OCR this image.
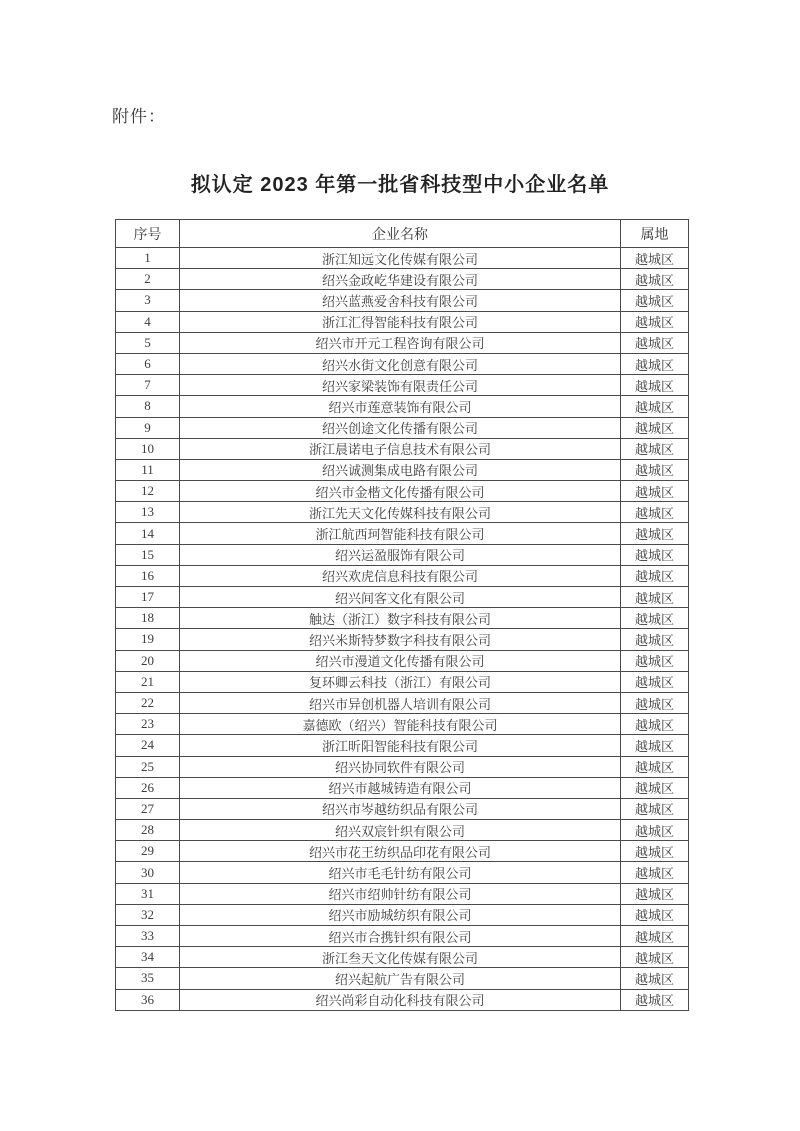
附件：
拟认定 2023 年第一批省科技型中小企业名单
序号	企业名称	属地
1	浙江知远文化传媒有限公司	越城区
2	绍兴金政屹华建设有限公司	越城区
3	绍兴蓝燕爱舍科技有限公司	越城区
4	浙江汇得智能科技有限公司	越城区
5	绍兴市开元工程咨询有限公司	越城区
6	绍兴水街文化创意有限公司	越城区
7	绍兴家梁装饰有限责任公司	越城区
8	绍兴市莲意装饰有限公司	越城区
9	绍兴创途文化传播有限公司	越城区
10	浙江晨诺电子信息技术有限公司	越城区
11	绍兴诚测集成电路有限公司	越城区
12	绍兴市金楷文化传播有限公司	越城区
13	浙江先天文化传媒科技有限公司	越城区
14	浙江航西珂智能科技有限公司	越城区
15	绍兴运盈服饰有限公司	越城区
16	绍兴欢虎信息科技有限公司	越城区
17	绍兴间客文化有限公司	越城区
18	触达（浙江）数字科技有限公司	越城区
19	绍兴米斯特梦数字科技有限公司	越城区
20	绍兴市漫道文化传播有限公司	越城区
21	复环卿云科技（浙江）有限公司	越城区
22	绍兴市异创机器人培训有限公司	越城区
23	嘉德欧（绍兴）智能科技有限公司	越城区
24	浙江昕阳智能科技有限公司	越城区
25	绍兴协同软件有限公司	越城区
26	绍兴市越城铸造有限公司	越城区
27	绍兴市岑越纺织品有限公司	越城区
28	绍兴双宸针织有限公司	越城区
29	绍兴市花王纺织品印花有限公司	越城区
30	绍兴市毛毛针纺有限公司	越城区
31	绍兴市绍帅针纺有限公司	越城区
32	绍兴市励城纺织有限公司	越城区
33	绍兴市合携针织有限公司	越城区
34	浙江叁天文化传媒有限公司	越城区
35	绍兴起航广告有限公司	越城区
36	绍兴尚彩自动化科技有限公司	越城区
